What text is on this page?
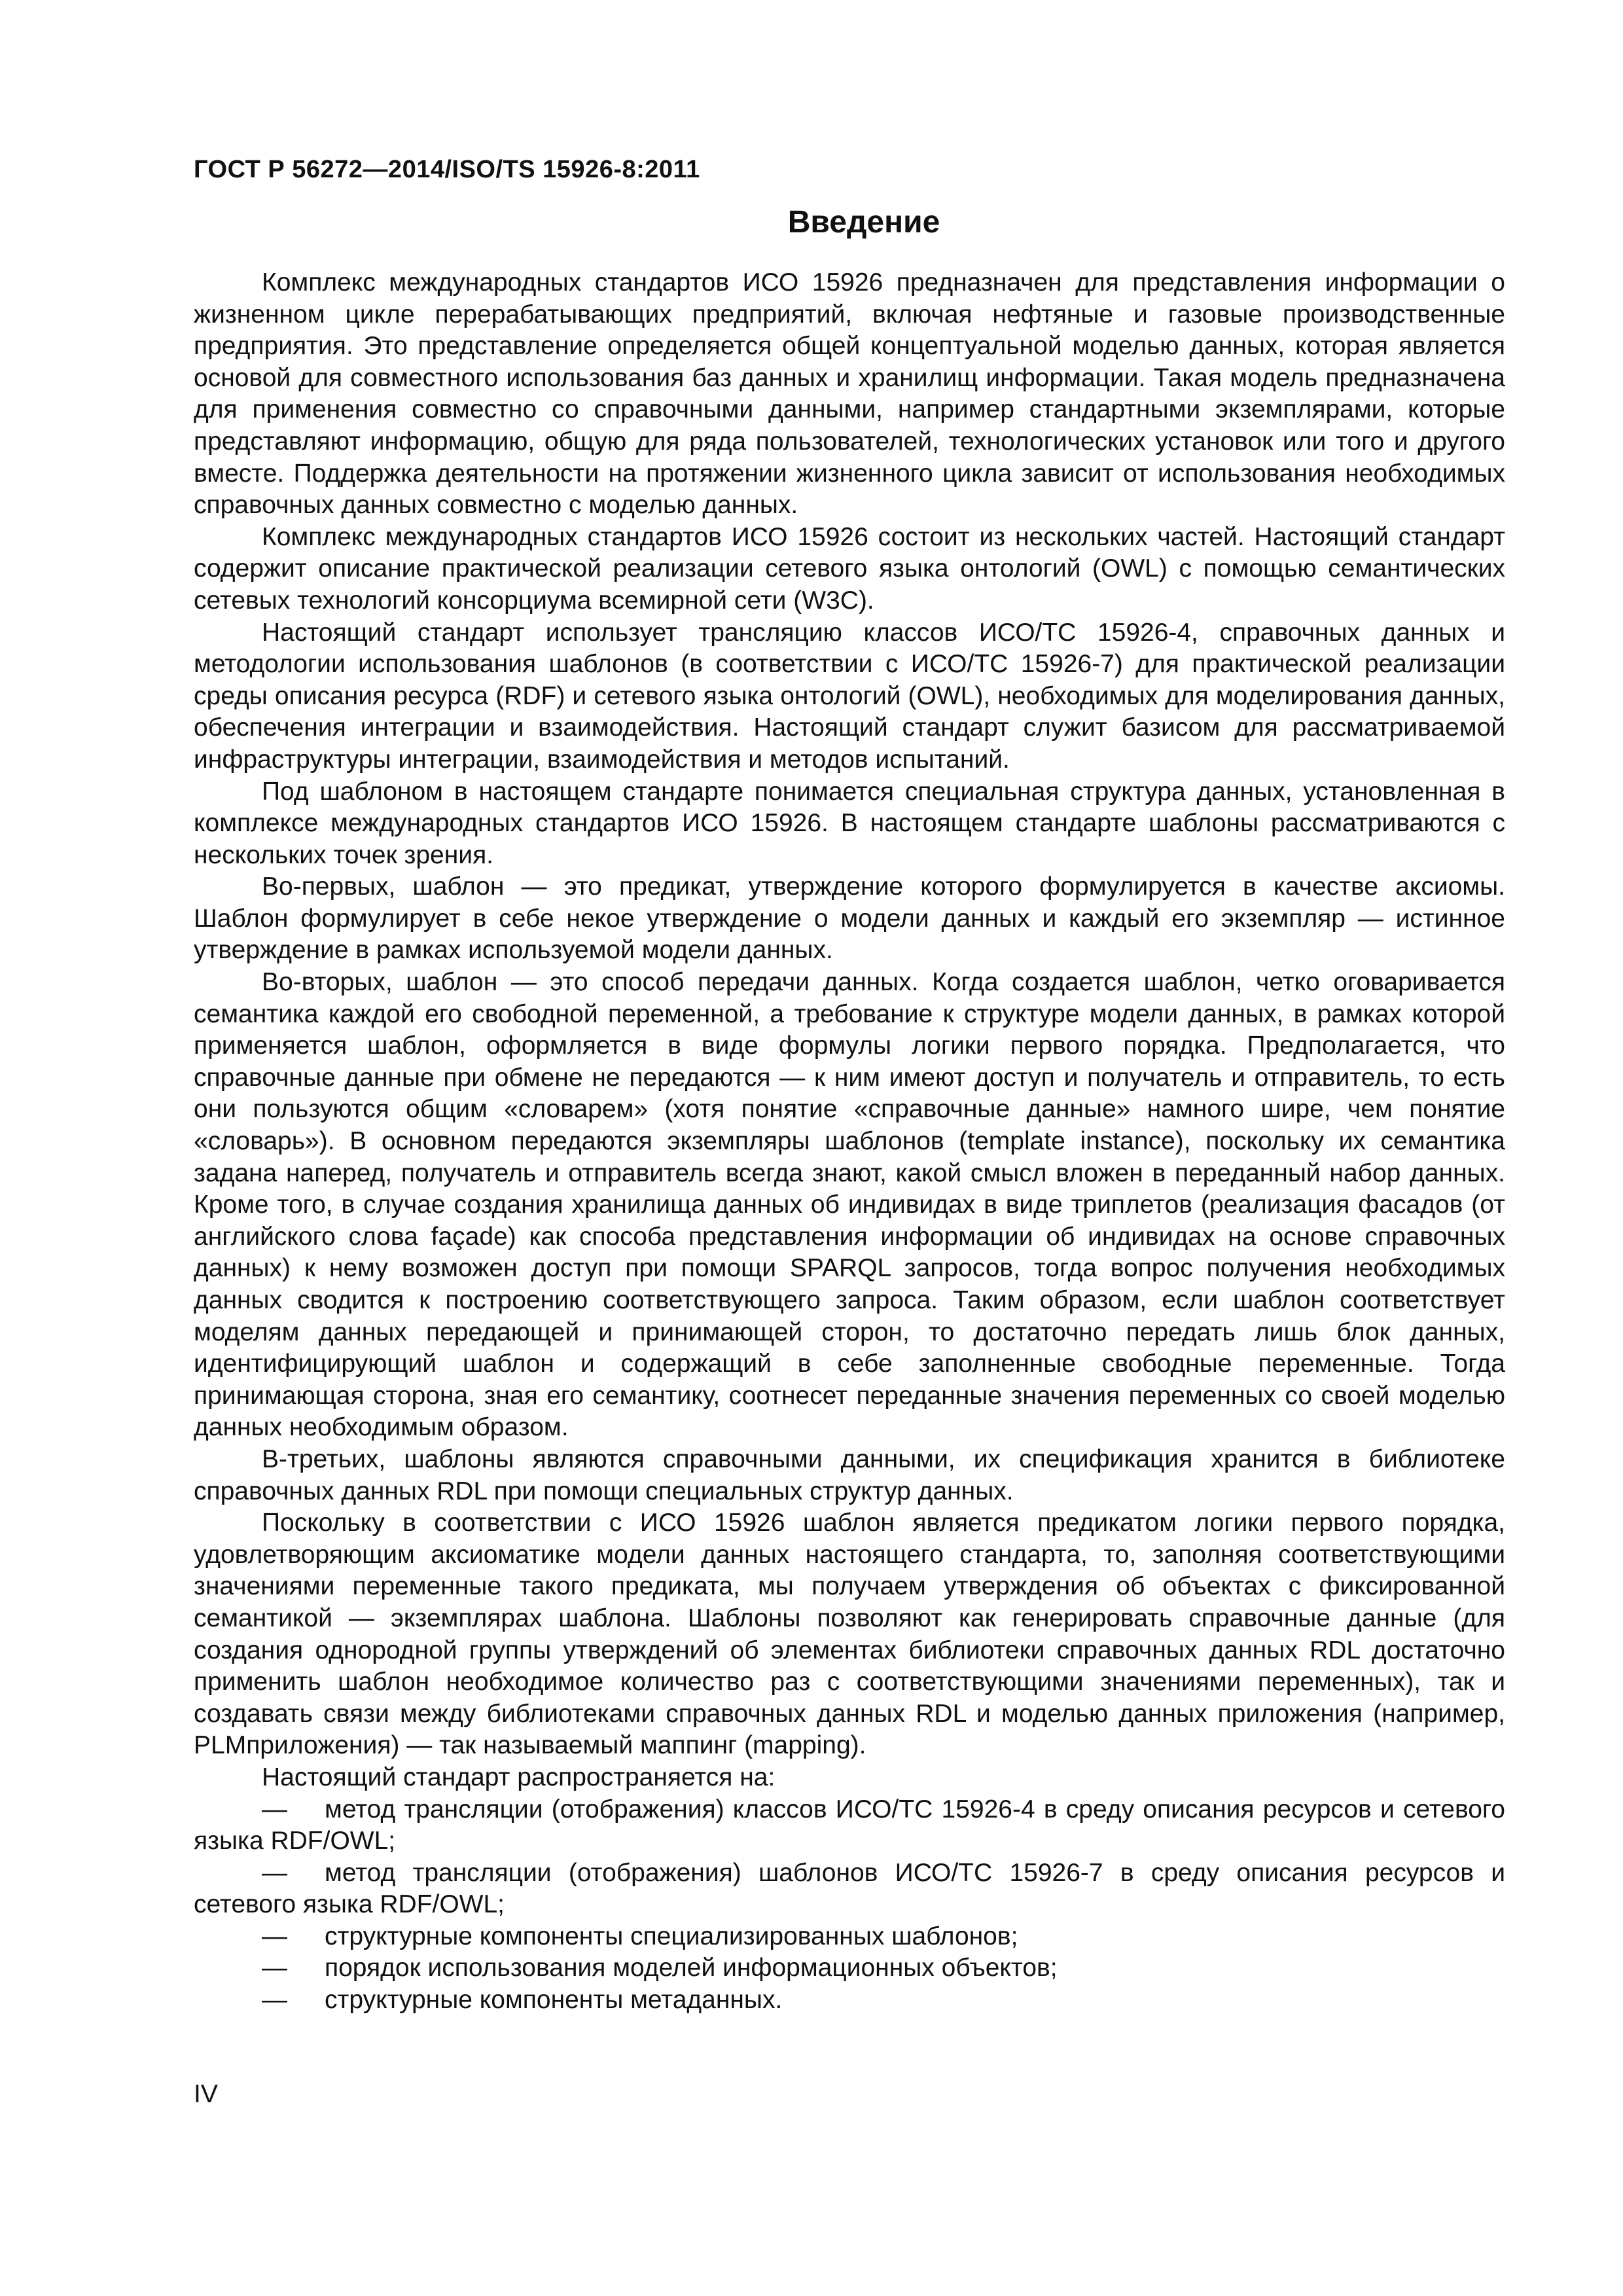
ГОСТ Р 56272—2014/ISO/TS 15926-8:2011
Введение

Комплекс международных стандартов ИСО 15926 предназначен для представления информации о жизненном цикле перерабатывающих предприятий, включая нефтяные и газовые производственные предприятия. Это представление определяется общей концептуальной моделью данных, которая является основой для совместного использования баз данных и хранилищ информации. Такая модель предназначена для применения совместно со справочными данными, например стандартными экземплярами, которые представляют информацию, общую для ряда пользователей, технологических установок или того и другого вместе. Поддержка деятельности на протяжении жизненного цикла зависит от использования необходимых справочных данных совместно с моделью данных.

Комплекс международных стандартов ИСО 15926 состоит из нескольких частей. Настоящий стандарт содержит описание практической реализации сетевого языка онтологий (OWL) с помощью семантических сетевых технологий консорциума всемирной сети (W3C).

Настоящий стандарт использует трансляцию классов ИСО/ТС 15926-4, справочных данных и методологии использования шаблонов (в соответствии с ИСО/ТС 15926-7) для практической реализации среды описания ресурса (RDF) и сетевого языка онтологий (OWL), необходимых для моделирования данных, обеспечения интеграции и взаимодействия. Настоящий стандарт служит базисом для рассматриваемой инфраструктуры интеграции, взаимодействия и методов испытаний.

Под шаблоном в настоящем стандарте понимается специальная структура данных, установленная в комплексе международных стандартов ИСО 15926. В настоящем стандарте шаблоны рассматриваются с нескольких точек зрения.

Во-первых, шаблон — это предикат, утверждение которого формулируется в качестве аксиомы. Шаблон формулирует в себе некое утверждение о модели данных и каждый его экземпляр — истинное утверждение в рамках используемой модели данных.

Во-вторых, шаблон — это способ передачи данных. Когда создается шаблон, четко оговаривается семантика каждой его свободной переменной, а требование к структуре модели данных, в рамках которой применяется шаблон, оформляется в виде формулы логики первого порядка. Предполагается, что справочные данные при обмене не передаются — к ним имеют доступ и получатель и отправитель, то есть они пользуются общим «словарем» (хотя понятие «справочные данные» намного шире, чем понятие «словарь»). В основном передаются экземпляры шаблонов (template instance), поскольку их семантика задана наперед, получатель и отправитель всегда знают, какой смысл вложен в переданный набор данных. Кроме того, в случае создания хранилища данных об индивидах в виде триплетов (реализация фасадов (от английского слова façade) как способа представления информации об индивидах на основе справочных данных) к нему возможен доступ при помощи SPARQL запросов, тогда вопрос получения необходимых данных сводится к построению соответствующего запроса. Таким образом, если шаблон соответствует моделям данных передающей и принимающей сторон, то достаточно передать лишь блок данных, идентифицирующий шаблон и содержащий в себе заполненные свободные переменные. Тогда принимающая сторона, зная его семантику, соотнесет переданные значения переменных со своей моделью данных необходимым образом.

В-третьих, шаблоны являются справочными данными, их спецификация хранится в библиотеке справочных данных RDL при помощи специальных структур данных.

Поскольку в соответствии с ИСО 15926 шаблон является предикатом логики первого порядка, удовлетворяющим аксиоматике модели данных настоящего стандарта, то, заполняя соответствующими значениями переменные такого предиката, мы получаем утверждения об объектах с фиксированной семантикой — экземплярах шаблона. Шаблоны позволяют как генерировать справочные данные (для создания однородной группы утверждений об элементах библиотеки справочных данных RDL достаточно применить шаблон необходимое количество раз с соответствующими значениями переменных), так и создавать связи между библиотеками справочных данных RDL и моделью данных приложения (например, PLMприложения) — так называемый маппинг (mapping).

Настоящий стандарт распространяется на:

— метод трансляции (отображения) классов ИСО/ТС 15926-4 в среду описания ресурсов и сетевого языка RDF/OWL;
— метод трансляции (отображения) шаблонов ИСО/ТС 15926-7 в среду описания ресурсов и сетевого языка RDF/OWL;
— структурные компоненты специализированных шаблонов;
— порядок использования моделей информационных объектов;
— структурные компоненты метаданных.
IV
